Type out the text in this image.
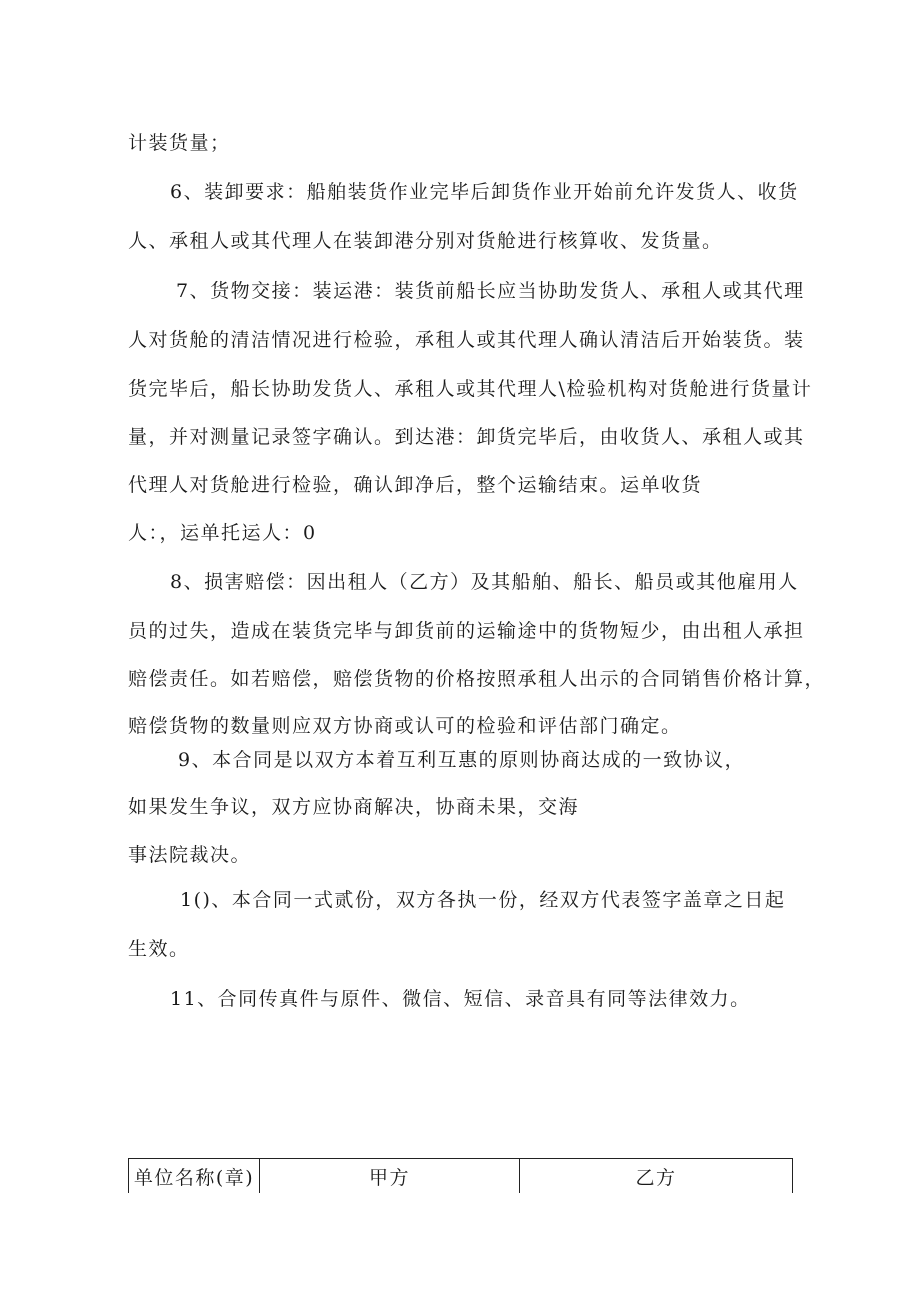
计装货量；
6、装卸要求：船舶装货作业完毕后卸货作业开始前允许发货人、收货
人、承租人或其代理人在装卸港分别对货舱进行核算收、发货量。
7、货物交接：装运港：装货前船长应当协助发货人、承租人或其代理
人对货舱的清洁情况进行检验，承租人或其代理人确认清洁后开始装货。装
货完毕后，船长协助发货人、承租人或其代理人\检验机构对货舱进行货量计
量，并对测量记录签字确认。到达港：卸货完毕后，由收货人、承租人或其
代理人对货舱进行检验，确认卸净后，整个运输结束。运单收货
人：，运单托运人：0
8、损害赔偿：因出租人（乙方）及其船舶、船长、船员或其他雇用人
员的过失，造成在装货完毕与卸货前的运输途中的货物短少，由出租人承担
赔偿责任。如若赔偿，赔偿货物的价格按照承租人出示的合同销售价格计算，
赔偿货物的数量则应双方协商或认可的检验和评估部门确定。
9、本合同是以双方本着互利互惠的原则协商达成的一致协议，
如果发生争议，双方应协商解决，协商未果，交海
事法院裁决。
1()、本合同一式贰份，双方各执一份，经双方代表签字盖章之日起
生效。
11、合同传真件与原件、微信、短信、录音具有同等法律效力。
单位名称(章)	甲方	乙方
